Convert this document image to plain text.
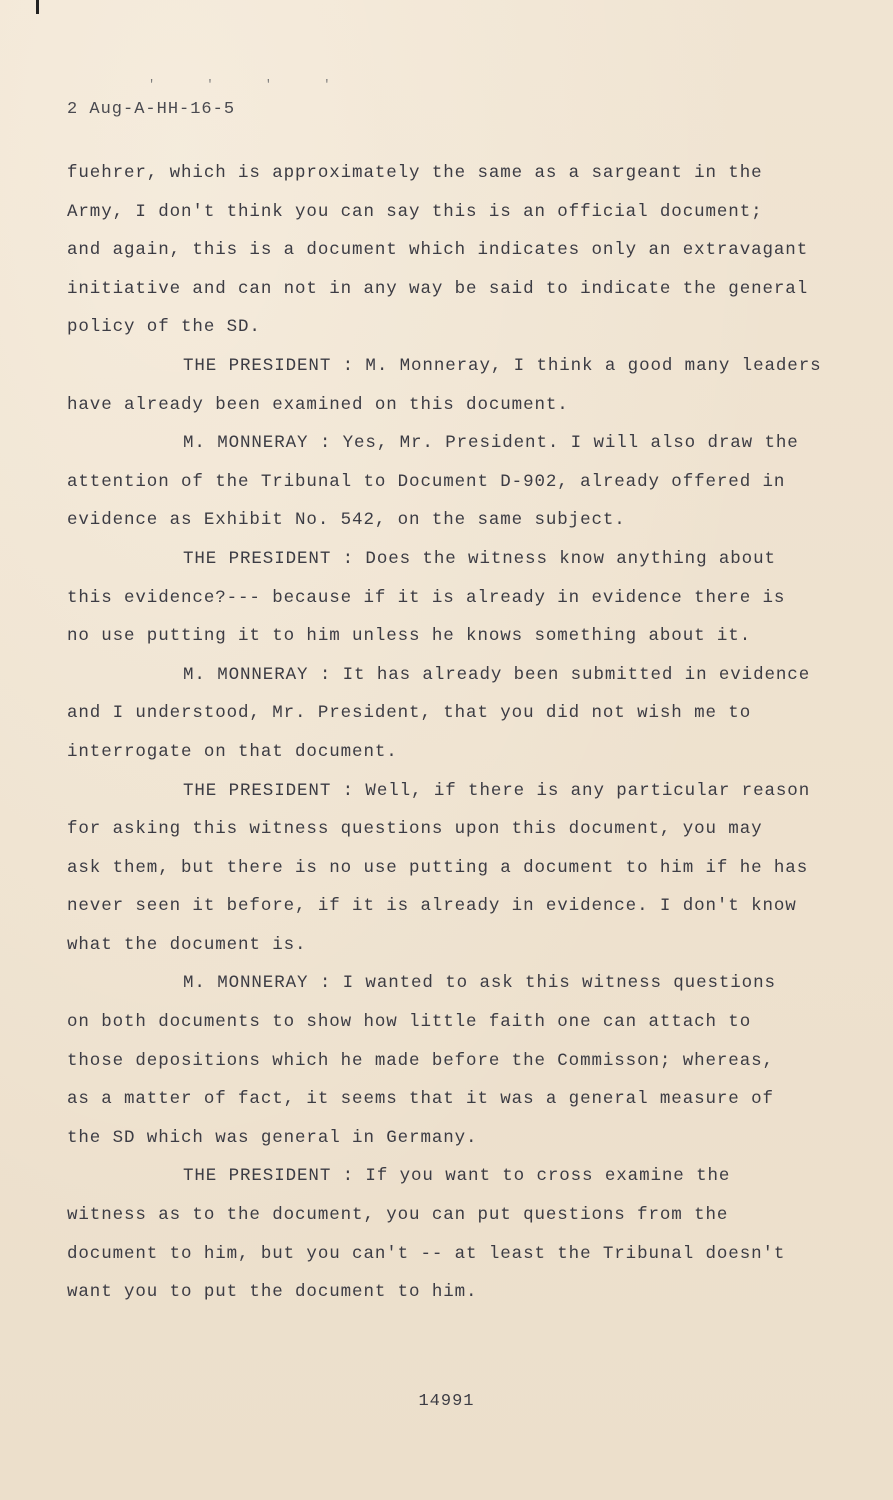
' ' ' '
2 Aug-A-HH-16-5
fuehrer, which is approximately the same as a sargeant in the
Army, I don't think you can say this is an official document;
and again, this is a document which indicates only an extravagant
initiative and can not in any way be said to indicate the general
policy of the SD.
THE PRESIDENT : M. Monneray, I think a good many leaders
have already been examined on this document.
M. MONNERAY : Yes, Mr. President. I will also draw the
attention of the Tribunal to Document D-902, already offered in
evidence as Exhibit No. 542, on the same subject.
THE PRESIDENT : Does the witness know anything about
this evidence?--- because if it is already in evidence there is
no use putting it to him unless he knows something about it.
M. MONNERAY : It has already been submitted in evidence
and I understood, Mr. President, that you did not wish me to
interrogate on that document.
THE PRESIDENT : Well, if there is any particular reason
for asking this witness questions upon this document, you may
ask them, but there is no use putting a document to him if he has
never seen it before, if it is already in evidence. I don't know
what the document is.
M. MONNERAY : I wanted to ask this witness questions
on both documents to show how little faith one can attach to
those depositions which he made before the Commisson; whereas,
as a matter of fact, it seems that it was a general measure of
the SD which was general in Germany.
THE PRESIDENT : If you want to cross examine the
witness as to the document, you can put questions from the
document to him, but you can't -- at least the Tribunal doesn't
want you to put the document to him.
14991
